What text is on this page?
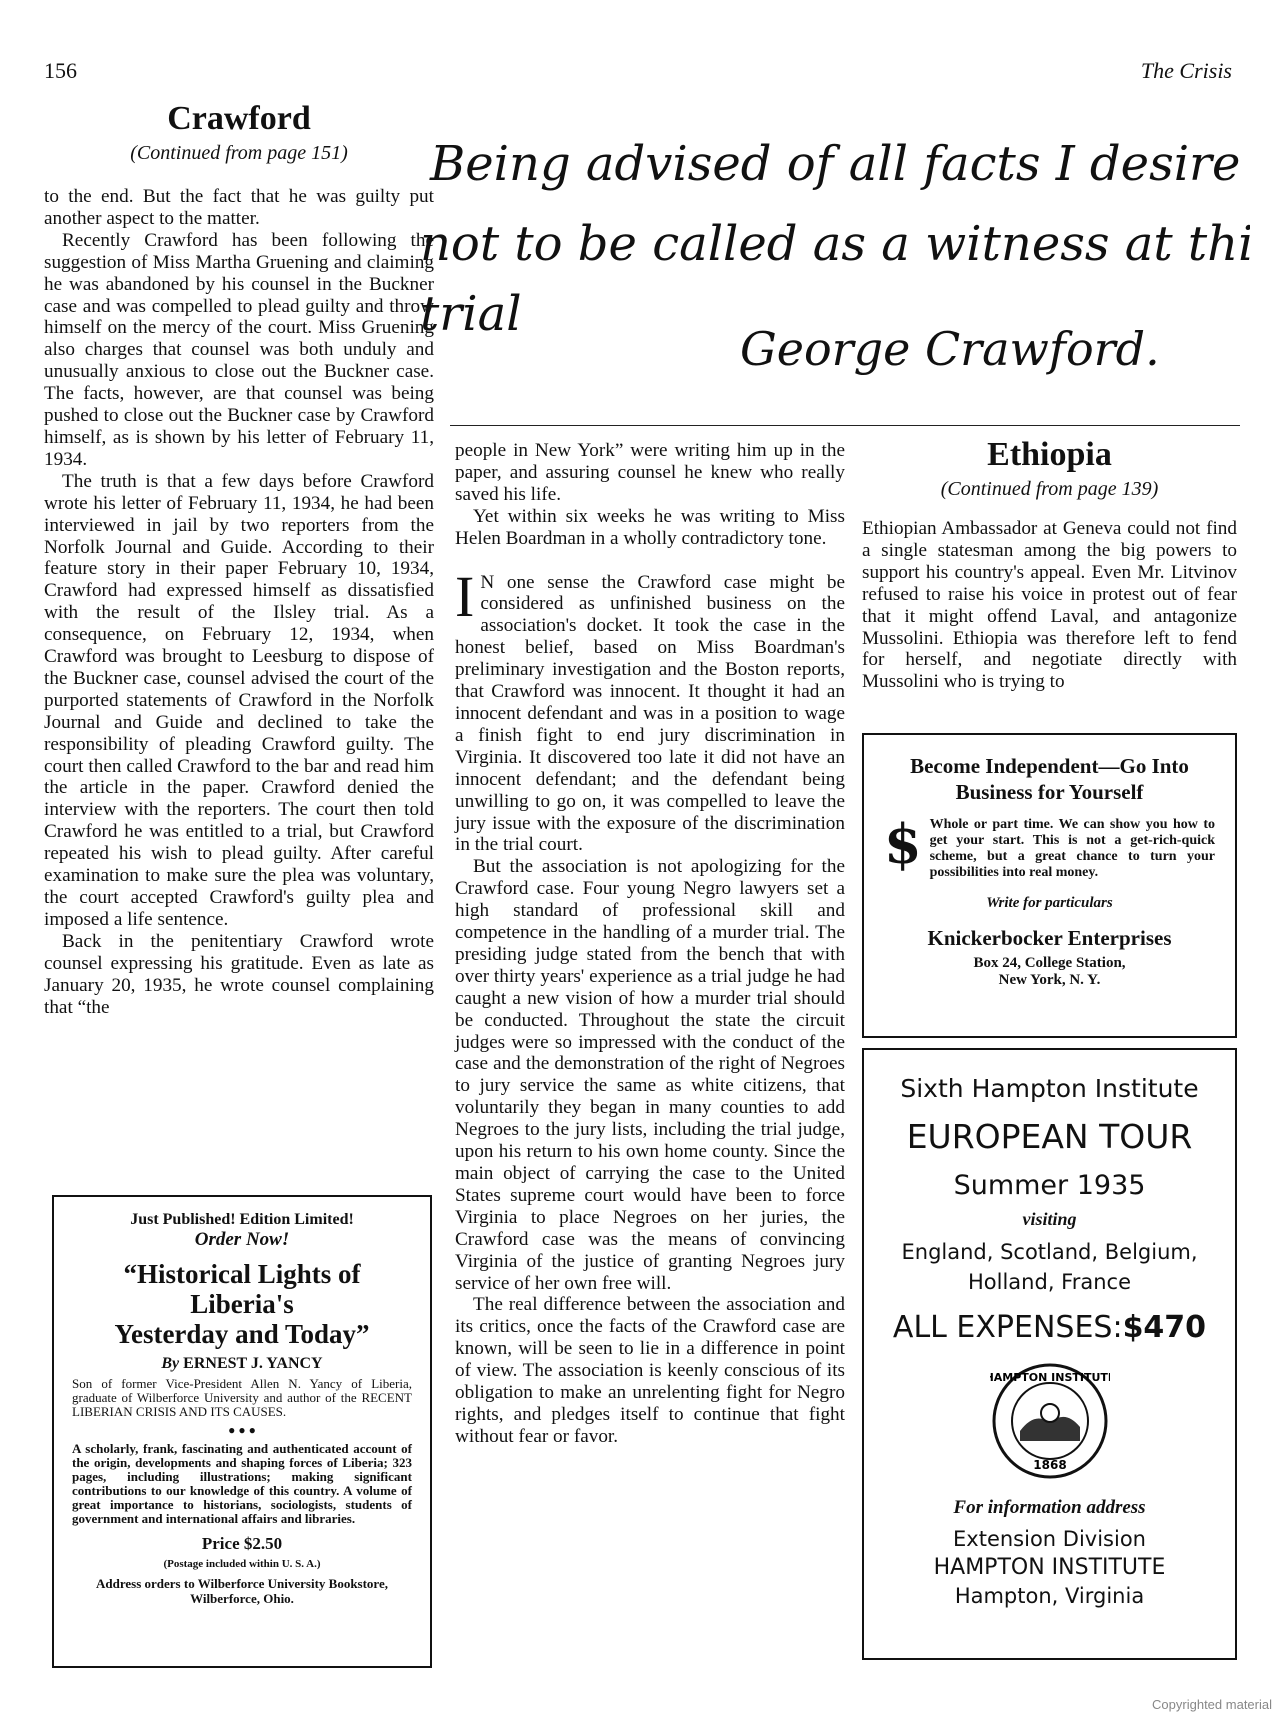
156	The Crisis
Crawford
(Continued from page 151)

to the end. But the fact that he was guilty put another aspect to the matter.

Recently Crawford has been following the suggestion of Miss Martha Gruening and claiming he was abandoned by his counsel in the Buckner case and was compelled to plead guilty and throw himself on the mercy of the court. Miss Gruening also charges that counsel was both unduly and unusually anxious to close out the Buckner case. The facts, however, are that counsel was being pushed to close out the Buckner case by Crawford himself, as is shown by his letter of February 11, 1934.

The truth is that a few days before Crawford wrote his letter of February 11, 1934, he had been interviewed in jail by two reporters from the Norfolk Journal and Guide. According to their feature story in their paper February 10, 1934, Crawford had expressed himself as dissatisfied with the result of the Ilsley trial. As a consequence, on February 12, 1934, when Crawford was brought to Leesburg to dispose of the Buckner case, counsel advised the court of the purported statements of Crawford in the Norfolk Journal and Guide and declined to take the responsibility of pleading Crawford guilty. The court then called Crawford to the bar and read him the article in the paper. Crawford denied the interview with the reporters. The court then told Crawford he was entitled to a trial, but Crawford repeated his wish to plead guilty. After careful examination to make sure the plea was voluntary, the court accepted Crawford's guilty plea and imposed a life sentence.

Back in the penitentiary Crawford wrote counsel expressing his gratitude. Even as late as January 20, 1935, he wrote counsel complaining that “the

Being advised of all facts I desire
not to be called as a witness at this
trial
George Crawford.

people in New York” were writing him up in the paper, and assuring counsel he knew who really saved his life.

Yet within six weeks he was writing to Miss Helen Boardman in a wholly contradictory tone.

IN one sense the Crawford case might be considered as unfinished business on the association's docket. It took the case in the honest belief, based on Miss Boardman's preliminary investigation and the Boston reports, that Crawford was innocent. It thought it had an innocent defendant and was in a position to wage a finish fight to end jury discrimination in Virginia. It discovered too late it did not have an innocent defendant; and the defendant being unwilling to go on, it was compelled to leave the jury issue with the exposure of the discrimination in the trial court.

But the association is not apologizing for the Crawford case. Four young Negro lawyers set a high standard of professional skill and competence in the handling of a murder trial. The presiding judge stated from the bench that with over thirty years' experience as a trial judge he had caught a new vision of how a murder trial should be conducted. Throughout the state the circuit judges were so impressed with the conduct of the case and the demonstration of the right of Negroes to jury service the same as white citizens, that voluntarily they began in many counties to add Negroes to the jury lists, including the trial judge, upon his return to his own home county. Since the main object of carrying the case to the United States supreme court would have been to force Virginia to place Negroes on her juries, the Crawford case was the means of convincing Virginia of the justice of granting Negroes jury service of her own free will.

The real difference between the association and its critics, once the facts of the Crawford case are known, will be seen to lie in a difference in point of view. The association is keenly conscious of its obligation to make an unrelenting fight for Negro rights, and pledges itself to continue that fight without fear or favor.

Ethiopia
(Continued from page 139)

Ethiopian Ambassador at Geneva could not find a single statesman among the big powers to support his country's appeal. Even Mr. Litvinov refused to raise his voice in protest out of fear that it might offend Laval, and antagonize Mussolini. Ethiopia was therefore left to fend for herself, and negotiate directly with Mussolini who is trying to

Become Independent—Go Into Business for Yourself
$ Whole or part time. We can show you how to get your start. This is not a get-rich-quick scheme, but a great chance to turn your possibilities into real money.
Write for particulars
Knickerbocker Enterprises
Box 24, College Station,
New York, N. Y.
Sixth Hampton Institute
EUROPEAN TOUR
Summer 1935
visiting
England, Scotland, Belgium,
Holland, France
ALL EXPENSES:$470
HAMPTON INSTITUTE
1868
For information address
Extension Division
HAMPTON INSTITUTE
Hampton, Virginia
Just Published! Edition Limited!
Order Now!
“Historical Lights of
Liberia's
Yesterday and Today”
By ERNEST J. YANCY
Son of former Vice-President Allen N. Yancy of Liberia, graduate of Wilberforce University and author of the RECENT LIBERIAN CRISIS AND ITS CAUSES.
● ● ●
A scholarly, frank, fascinating and authenticated account of the origin, developments and shaping forces of Liberia; 323 pages, including illustrations; making significant contributions to our knowledge of this country. A volume of great importance to historians, sociologists, students of government and international affairs and libraries.
Price $2.50
(Postage included within U. S. A.)
Address orders to Wilberforce University Bookstore, Wilberforce, Ohio.
Copyrighted material
